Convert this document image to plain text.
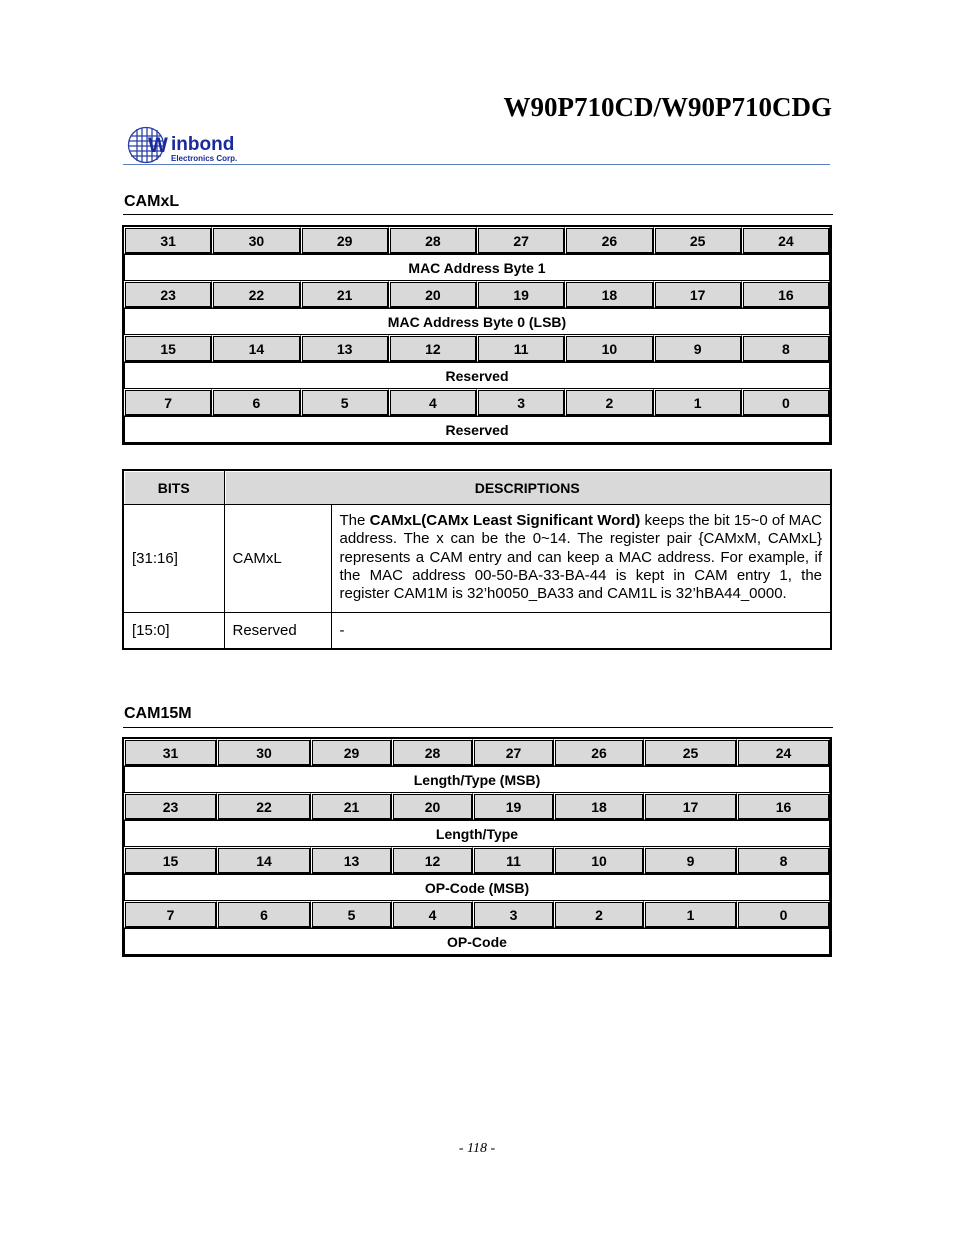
W90P710CD/W90P710CDG
W inbond
Electronics Corp.
CAMxL
31	30	29	28	27	26	25	24
MAC Address Byte 1							
23	22	21	20	19	18	17	16
MAC Address Byte 0 (LSB)							
15	14	13	12	11	10	9	8
Reserved							
7	6	5	4	3	2	1	0
Reserved							
BITS	DESCRIPTIONS	
[31:16]	CAMxL	The CAMxL(CAMx Least Significant Word) keeps the bit 15~0 of MAC address. The x can be the 0~14. The register pair {CAMxM, CAMxL} represents a CAM entry and can keep a MAC address. For example, if the MAC address 00-50-BA-33-BA-44 is kept in CAM entry 1, the register CAM1M is 32’h0050_BA33 and CAM1L is 32’hBA44_0000.
[15:0]	Reserved	-
CAM15M
31	30	29	28	27	26	25	24
Length/Type (MSB)							
23	22	21	20	19	18	17	16
Length/Type							
15	14	13	12	11	10	9	8
OP-Code (MSB)							
7	6	5	4	3	2	1	0
OP-Code							
- 118 -
